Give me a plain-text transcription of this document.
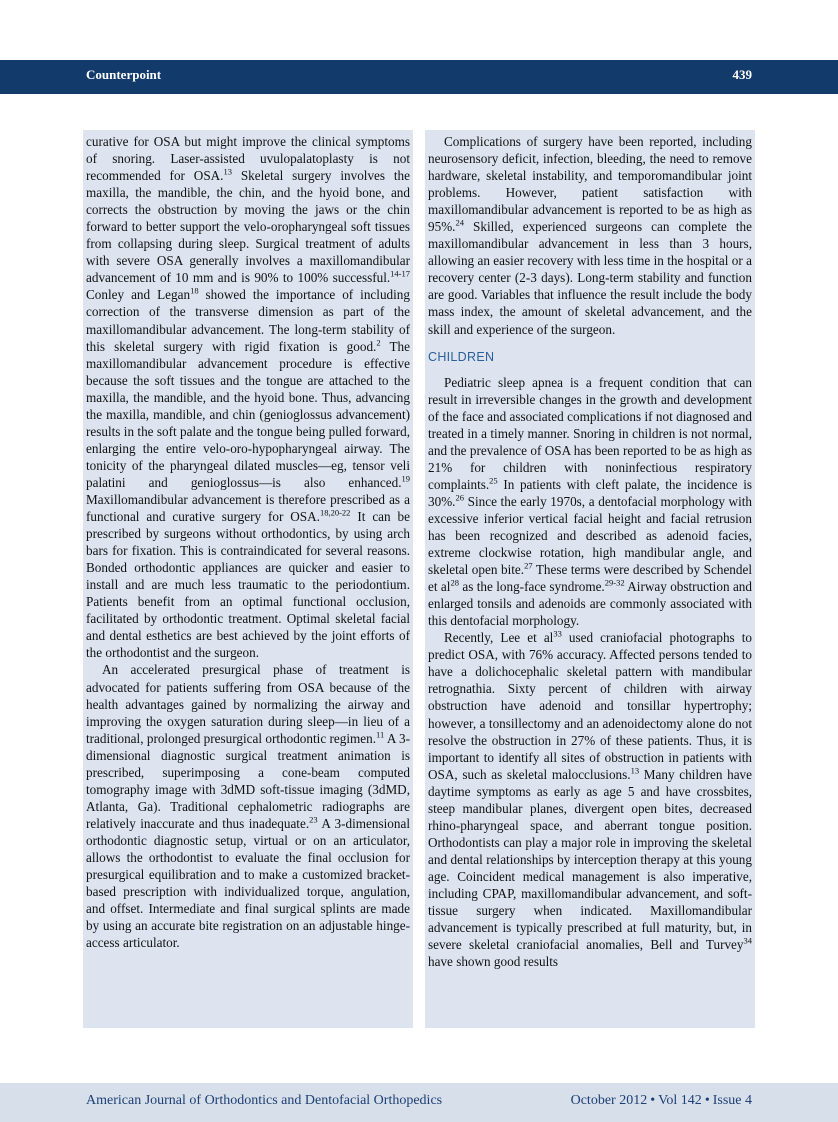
Counterpoint	439

curative for OSA but might improve the clinical symptoms of snoring. Laser-assisted uvulopalatoplasty is not recommended for OSA.$^{13}$ Skeletal surgery involves the maxilla, the mandible, the chin, and the hyoid bone, and corrects the obstruction by moving the jaws or the chin forward to better support the velo-oropharyngeal soft tissues from collapsing during sleep. Surgical treatment of adults with severe OSA generally involves a maxillomandibular advancement of 10 mm and is 90% to 100% successful.$^{14-17}$ Conley and Legan$^{18}$ showed the importance of including correction of the transverse dimension as part of the maxillomandibular advancement. The long-term stability of this skeletal surgery with rigid fixation is good.$^2$ The maxillomandibular advancement procedure is effective because the soft tissues and the tongue are attached to the maxilla, the mandible, and the hyoid bone. Thus, advancing the maxilla, mandible, and chin (genioglossus advancement) results in the soft palate and the tongue being pulled forward, enlarging the entire velo-oro-hypopharyngeal airway. The tonicity of the pharyngeal dilated muscles—eg, tensor veli palatini and genioglossus—is also enhanced.$^{19}$ Maxillomandibular advancement is therefore prescribed as a functional and curative surgery for OSA.$^{18,20-22}$ It can be prescribed by surgeons without orthodontics, by using arch bars for fixation. This is contraindicated for several reasons. Bonded orthodontic appliances are quicker and easier to install and are much less traumatic to the periodontium. Patients benefit from an optimal functional occlusion, facilitated by orthodontic treatment. Optimal skeletal facial and dental esthetics are best achieved by the joint efforts of the orthodontist and the surgeon.

An accelerated presurgical phase of treatment is advocated for patients suffering from OSA because of the health advantages gained by normalizing the airway and improving the oxygen saturation during sleep—in lieu of a traditional, prolonged presurgical orthodontic regimen.$^{11}$ A 3-dimensional diagnostic surgical treatment animation is prescribed, superimposing a cone-beam computed tomography image with 3dMD soft-tissue imaging (3dMD, Atlanta, Ga). Traditional cephalometric radiographs are relatively inaccurate and thus inadequate.$^{23}$ A 3-dimensional orthodontic diagnostic setup, virtual or on an articulator, allows the orthodontist to evaluate the final occlusion for presurgical equilibration and to make a customized bracket-based prescription with individualized torque, angulation, and offset. Intermediate and final surgical splints are made by using an accurate bite registration on an adjustable hinge-access articulator.

Complications of surgery have been reported, including neurosensory deficit, infection, bleeding, the need to remove hardware, skeletal instability, and temporomandibular joint problems. However, patient satisfaction with maxillomandibular advancement is reported to be as high as 95%.$^{24}$ Skilled, experienced surgeons can complete the maxillomandibular advancement in less than 3 hours, allowing an easier recovery with less time in the hospital or a recovery center (2-3 days). Long-term stability and function are good. Variables that influence the result include the body mass index, the amount of skeletal advancement, and the skill and experience of the surgeon.

CHILDREN

Pediatric sleep apnea is a frequent condition that can result in irreversible changes in the growth and development of the face and associated complications if not diagnosed and treated in a timely manner. Snoring in children is not normal, and the prevalence of OSA has been reported to be as high as 21% for children with noninfectious respiratory complaints.$^{25}$ In patients with cleft palate, the incidence is 30%.$^{26}$ Since the early 1970s, a dentofacial morphology with excessive inferior vertical facial height and facial retrusion has been recognized and described as adenoid facies, extreme clockwise rotation, high mandibular angle, and skeletal open bite.$^{27}$ These terms were described by Schendel et $al^{28}$ as the long-face syndrome.$^{29-32}$ Airway obstruction and enlarged tonsils and adenoids are commonly associated with this dentofacial morphology.

Recently, Lee et $al^{33}$ used craniofacial photographs to predict OSA, with 76% accuracy. Affected persons tended to have a dolichocephalic skeletal pattern with mandibular retrognathia. Sixty percent of children with airway obstruction have adenoid and tonsillar hypertrophy; however, a tonsillectomy and an adenoidectomy alone do not resolve the obstruction in 27% of these patients. Thus, it is important to identify all sites of obstruction in patients with OSA, such as skeletal malocclusions.$^{13}$ Many children have daytime symptoms as early as age 5 and have crossbites, steep mandibular planes, divergent open bites, decreased rhino-pharyngeal space, and aberrant tongue position. Orthodontists can play a major role in improving the skeletal and dental relationships by interception therapy at this young age. Coincident medical management is also imperative, including CPAP, maxillomandibular advancement, and soft-tissue surgery when indicated. Maxillomandibular advancement is typically prescribed at full maturity, but, in severe skeletal craniofacial anomalies, Bell and Turvey$^{34}$ have shown good results

American Journal of Orthodontics and Dentofacial Orthopedics	October 2012 • Vol 142 • Issue 4
